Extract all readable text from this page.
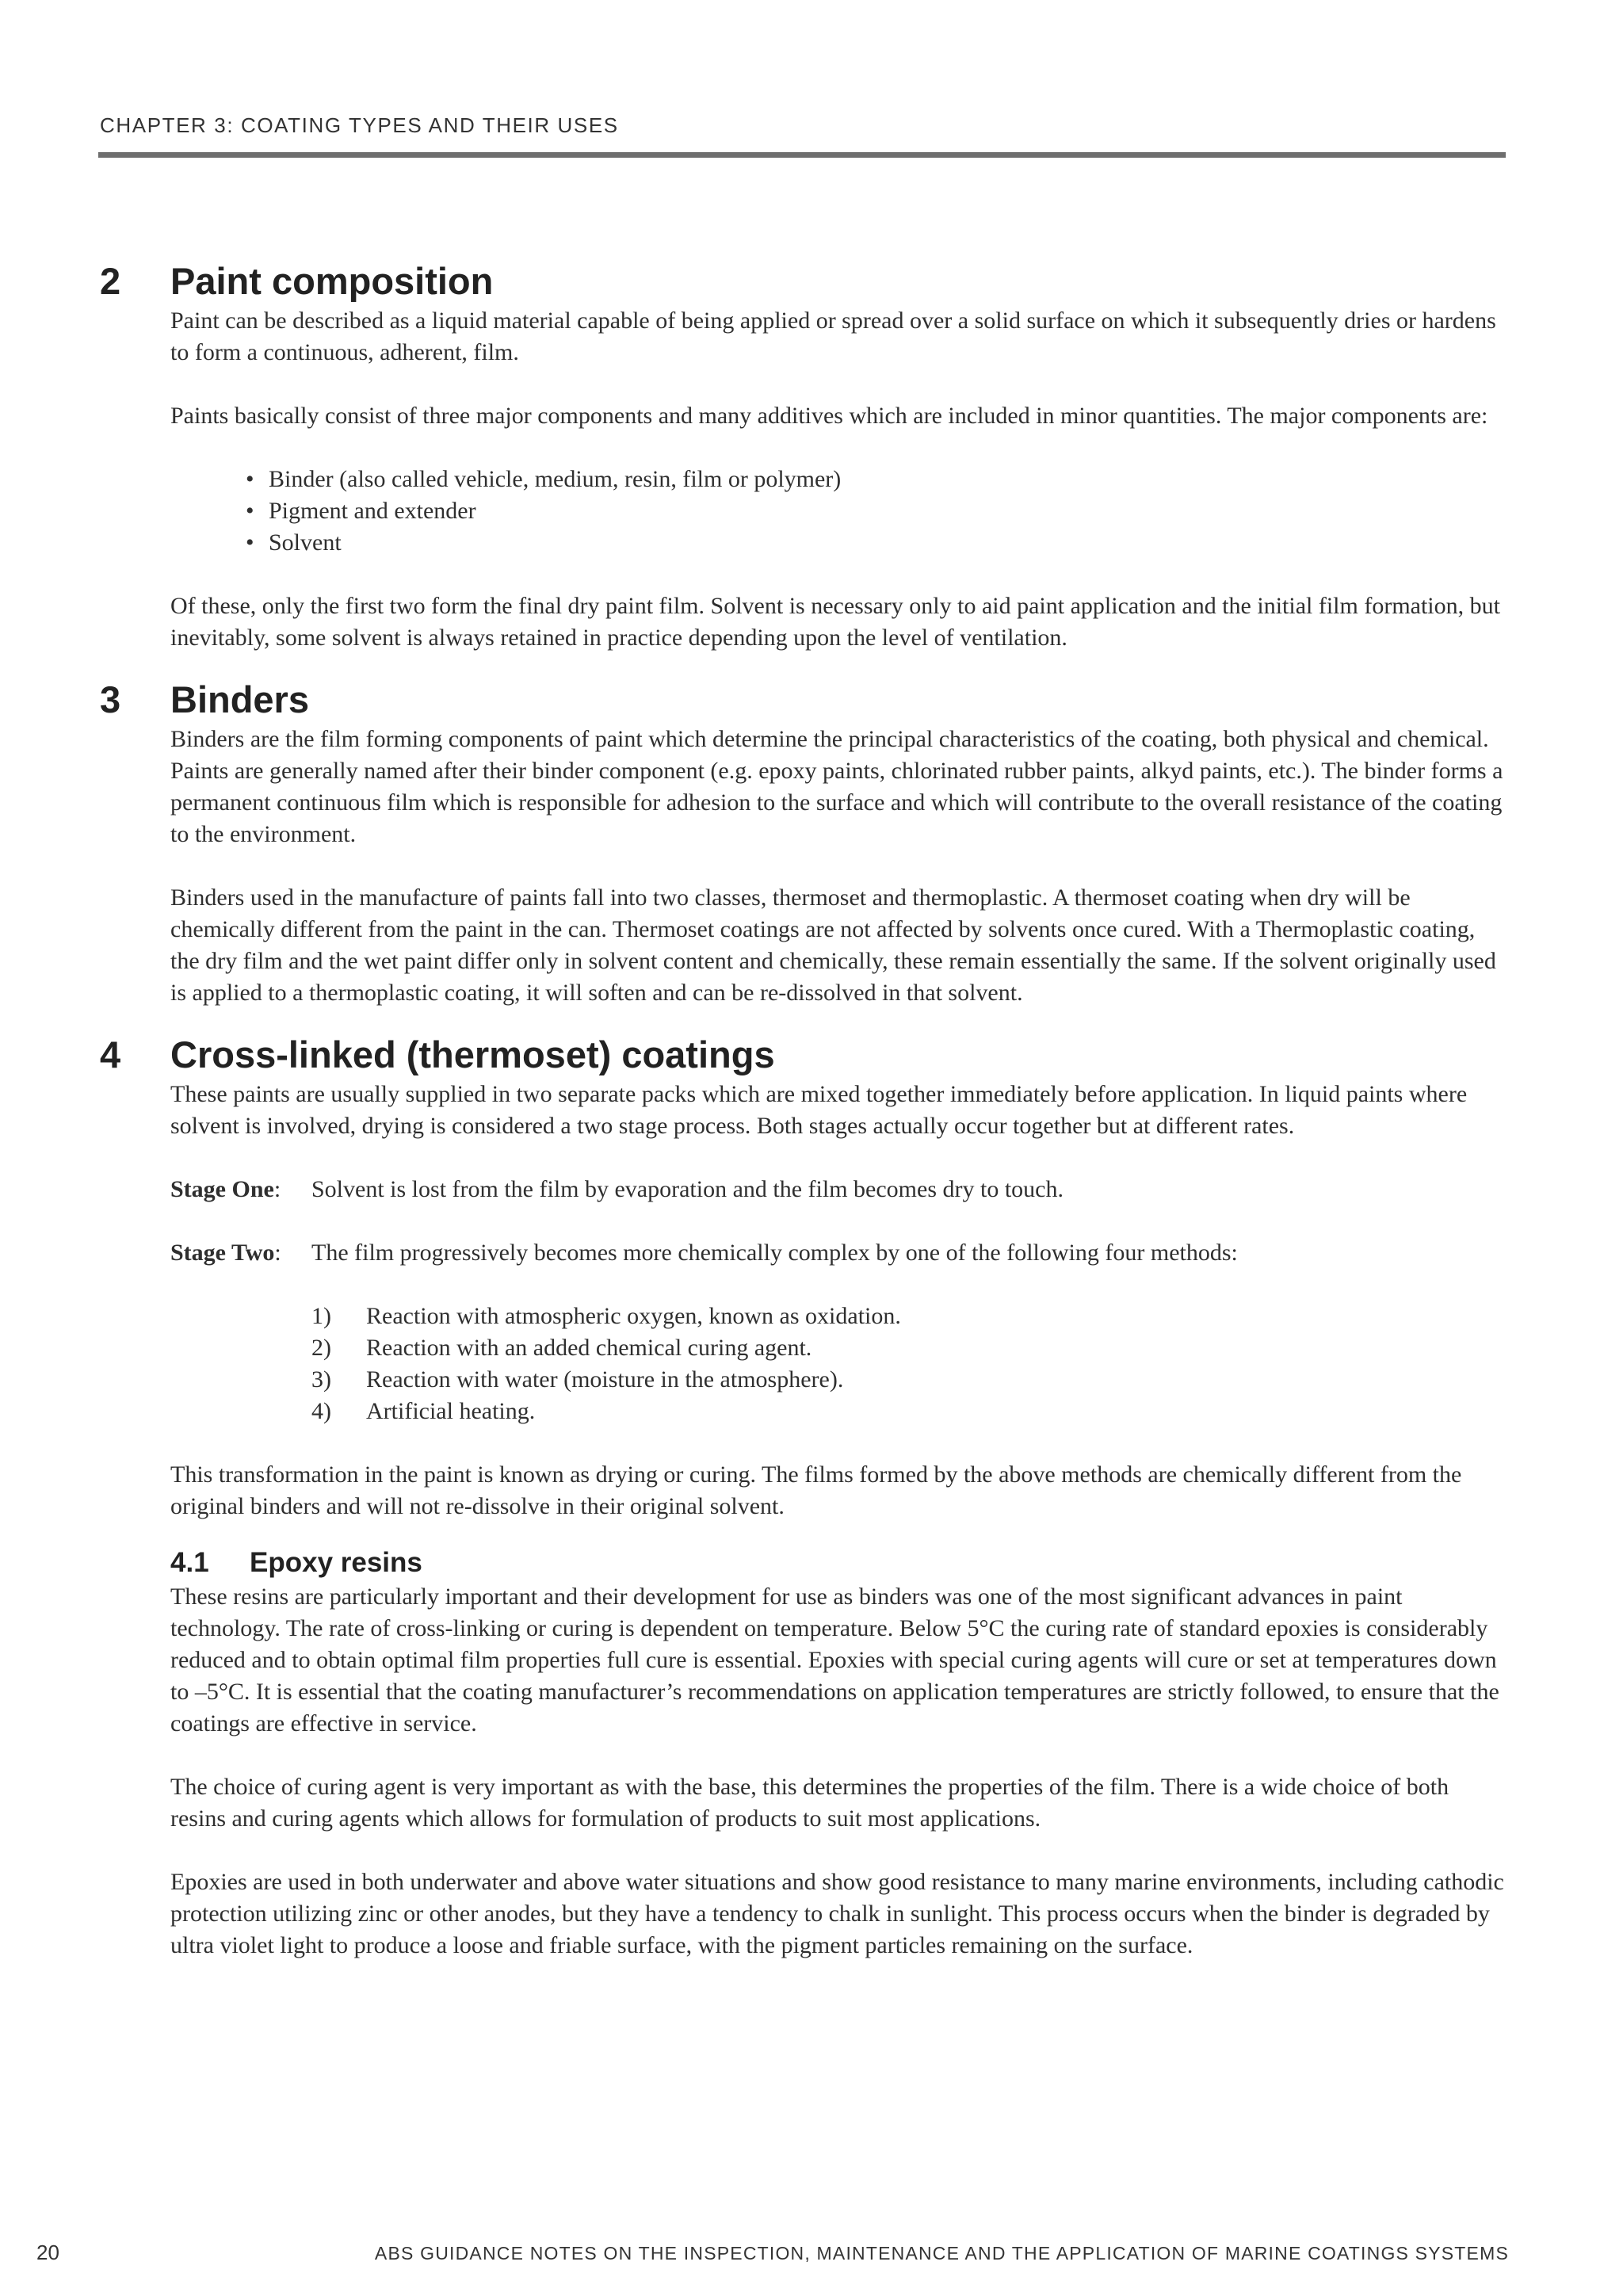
CHAPTER 3: COATING TYPES AND THEIR USES
2 Paint composition

Paint can be described as a liquid material capable of being applied or spread over a solid surface on which it subsequently dries or hardens to form a continuous, adherent, film.

Paints basically consist of three major components and many additives which are included in minor quantities. The major components are:

• Binder (also called vehicle, medium, resin, film or polymer)
• Pigment and extender
• Solvent

Of these, only the first two form the final dry paint film. Solvent is necessary only to aid paint application and the initial film formation, but inevitably, some solvent is always retained in practice depending upon the level of ventilation.

3 Binders

Binders are the film forming components of paint which determine the principal characteristics of the coating, both physical and chemical. Paints are generally named after their binder component (e.g. epoxy paints, chlorinated rubber paints, alkyd paints, etc.). The binder forms a permanent continuous film which is responsible for adhesion to the surface and which will contribute to the overall resistance of the coating to the environment.

Binders used in the manufacture of paints fall into two classes, thermoset and thermoplastic. A thermoset coating when dry will be chemically different from the paint in the can. Thermoset coatings are not affected by solvents once cured. With a Thermoplastic coating, the dry film and the wet paint differ only in solvent content and chemically, these remain essentially the same. If the solvent originally used is applied to a thermoplastic coating, it will soften and can be re-dissolved in that solvent.

4 Cross-linked (thermoset) coatings

These paints are usually supplied in two separate packs which are mixed together immediately before application. In liquid paints where solvent is involved, drying is considered a two stage process. Both stages actually occur together but at different rates.

Stage One: Solvent is lost from the film by evaporation and the film becomes dry to touch.
Stage Two: The film progressively becomes more chemically complex by one of the following four methods:
1) Reaction with atmospheric oxygen, known as oxidation.
2) Reaction with an added chemical curing agent.
3) Reaction with water (moisture in the atmosphere).
4) Artificial heating.

This transformation in the paint is known as drying or curing. The films formed by the above methods are chemically different from the original binders and will not re-dissolve in their original solvent.

4.1 Epoxy resins

These resins are particularly important and their development for use as binders was one of the most significant advances in paint technology. The rate of cross-linking or curing is dependent on temperature. Below 5°C the curing rate of standard epoxies is considerably reduced and to obtain optimal film properties full cure is essential. Epoxies with special curing agents will cure or set at temperatures down to –5°C. It is essential that the coating manufacturer’s recommendations on application temperatures are strictly followed, to ensure that the coatings are effective in service.

The choice of curing agent is very important as with the base, this determines the properties of the film. There is a wide choice of both resins and curing agents which allows for formulation of products to suit most applications.

Epoxies are used in both underwater and above water situations and show good resistance to many marine environments, including cathodic protection utilizing zinc or other anodes, but they have a tendency to chalk in sunlight. This process occurs when the binder is degraded by ultra violet light to produce a loose and friable surface, with the pigment particles remaining on the surface.

20	ABS GUIDANCE NOTES ON THE INSPECTION, MAINTENANCE AND THE APPLICATION OF MARINE COATINGS SYSTEMS
